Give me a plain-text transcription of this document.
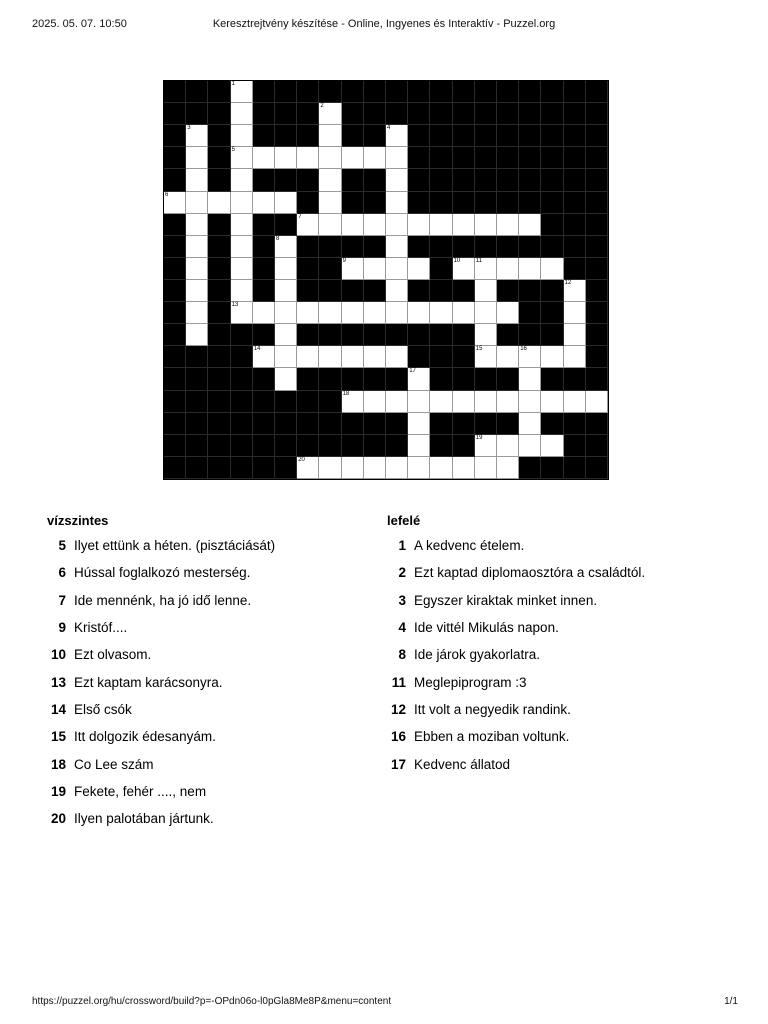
2025. 05. 07. 10:50	Keresztrejtvény készítése - Online, Ingyenes és Interaktív - Puzzel.org
1
2
3	4
5
6
7
8
9	10	11
12
13
14	15	16
17
18
19
20
vízszintes
5 Ilyet ettünk a héten. (pisztáciását)
6 Hússal foglalkozó mesterség.
7 Ide mennénk, ha jó idő lenne.
9 Kristóf....
10 Ezt olvasom.
13 Ezt kaptam karácsonyra.
14 Első csók
15 Itt dolgozik édesanyám.
18 Co Lee szám
19 Fekete, fehér ...., nem
20 Ilyen palotában jártunk.
lefelé
1 A kedvenc ételem.
2 Ezt kaptad diplomaosztóra a családtól.
3 Egyszer kiraktak minket innen.
4 Ide vittél Mikulás napon.
8 Ide járok gyakorlatra.
11 Meglepiprogram :3
12 Itt volt a negyedik randink.
16 Ebben a moziban voltunk.
17 Kedvenc állatod
https://puzzel.org/hu/crossword/build?p=-OPdn06o-l0pGla8Me8P&menu=content	1/1
